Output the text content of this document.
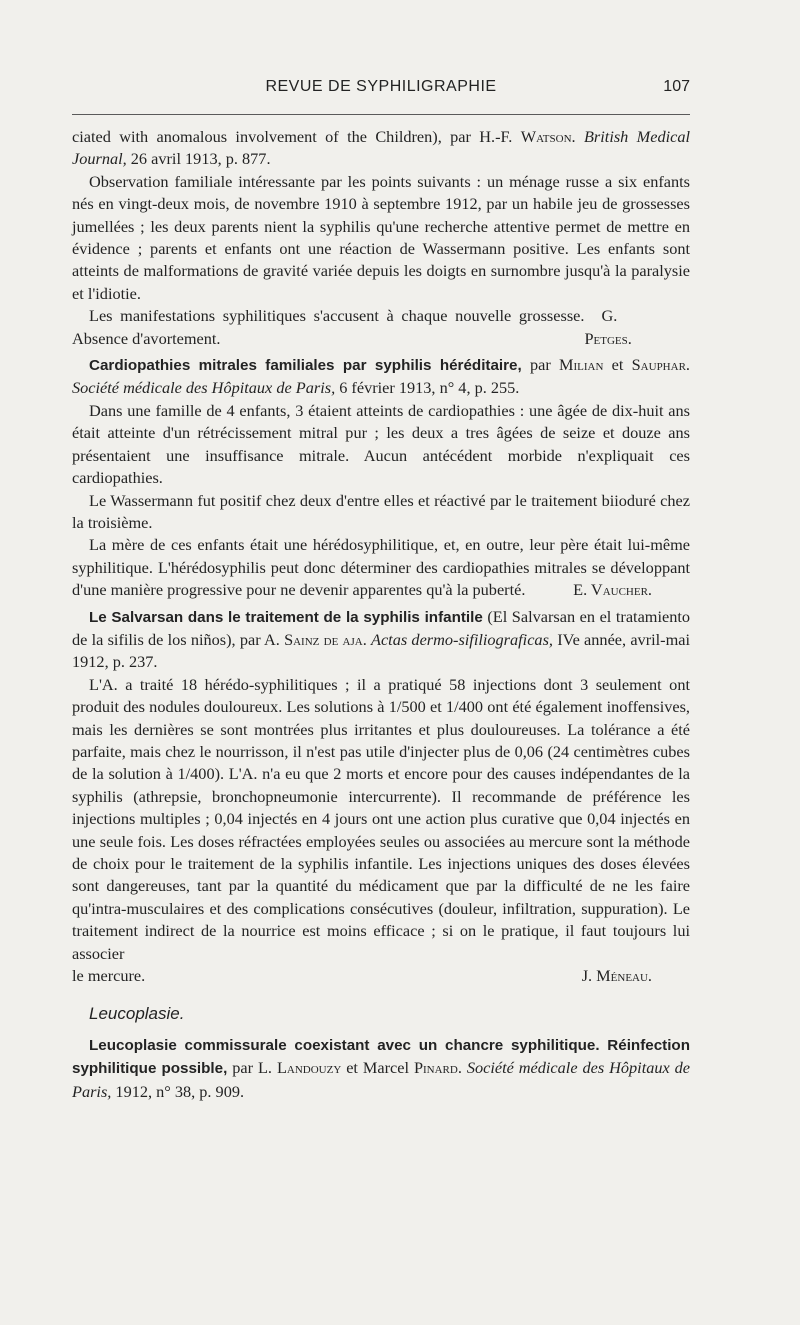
REVUE DE SYPHILIGRAPHIE	107

ciated with anomalous involvement of the Children), par H.-F. Watson. British Medical Journal, 26 avril 1913, p. 877.

Observation familiale intéressante par les points suivants : un ménage russe a six enfants nés en vingt-deux mois, de novembre 1910 à septembre 1912, par un habile jeu de grossesses jumellées ; les deux parents nient la syphilis qu'une recherche attentive permet de mettre en évidence ; parents et enfants ont une réaction de Wassermann positive. Les enfants sont atteints de malformations de gravité variée depuis les doigts en surnombre jusqu'à la paralysie et l'idiotie.

Les manifestations syphilitiques s'accusent à chaque nouvelle grossesse. Absence d'avortement.
G. Petges.

Cardiopathies mitrales familiales par syphilis héréditaire, par Milian et Sauphar. Société médicale des Hôpitaux de Paris, 6 février 1913, n° 4, p. 255.

Dans une famille de 4 enfants, 3 étaient atteints de cardiopathies : une âgée de dix-huit ans était atteinte d'un rétrécissement mitral pur ; les deux a tres âgées de seize et douze ans présentaient une insuffisance mitrale. Aucun antécédent morbide n'expliquait ces cardiopathies.

Le Wassermann fut positif chez deux d'entre elles et réactivé par le traitement biioduré chez la troisième.

La mère de ces enfants était une hérédosyphilitique, et, en outre, leur père était lui-même syphilitique. L'hérédosyphilis peut donc déterminer des cardiopathies mitrales se développant d'une manière progressive pour ne devenir apparentes qu'à la puberté.	E. Vaucher.

Le Salvarsan dans le traitement de la syphilis infantile (El Salvarsan en el tratamiento de la sifilis de los niños), par A. Sainz de aja. Actas dermo-sifiliograficas, IVe année, avril-mai 1912, p. 237.

L'A. a traité 18 hérédo-syphilitiques ; il a pratiqué 58 injections dont 3 seulement ont produit des nodules douloureux. Les solutions à 1/500 et 1/400 ont été également inoffensives, mais les dernières se sont montrées plus irritantes et plus douloureuses. La tolérance a été parfaite, mais chez le nourrisson, il n'est pas utile d'injecter plus de 0,06 (24 centimètres cubes de la solution à 1/400). L'A. n'a eu que 2 morts et encore pour des causes indépendantes de la syphilis (athrepsie, bronchopneumonie intercurrente). Il recommande de préférence les injections multiples ; 0,04 injectés en 4 jours ont une action plus curative que 0,04 injectés en une seule fois. Les doses réfractées employées seules ou associées au mercure sont la méthode de choix pour le traitement de la syphilis infantile. Les injections uniques des doses élevées sont dangereuses, tant par la quantité du médicament que par la difficulté de ne les faire qu'intra-musculaires et des complications consécutives (douleur, infiltration, suppuration). Le traitement indirect de la nourrice est moins efficace ; si on le pratique, il faut toujours lui associer

le mercure.	J. Méneau.

Leucoplasie.

Leucoplasie commissurale coexistant avec un chancre syphilitique. Réinfection syphilitique possible, par L. Landouzy et Marcel Pinard. Société médicale des Hôpitaux de Paris, 1912, n° 38, p. 909.
